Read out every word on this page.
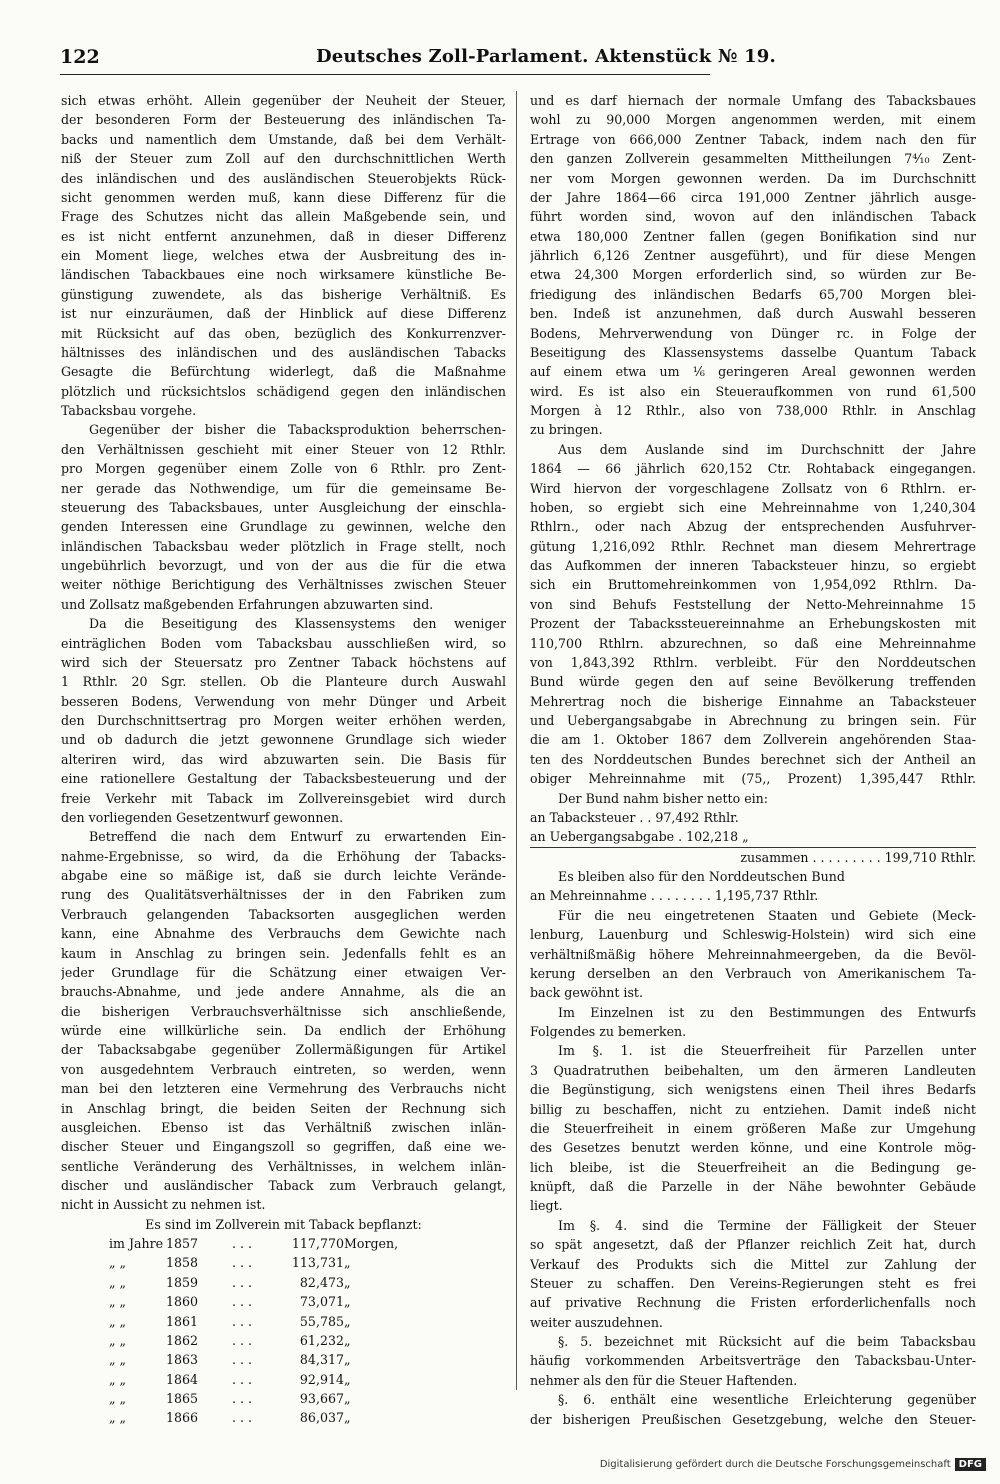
122	Deutsches Zoll-Parlament. Aktenstück № 19.
sich etwas erhöht. Allein gegenüber der Neuheit der Steuer,
der besonderen Form der Besteuerung des inländischen Ta-
backs und namentlich dem Umstande, daß bei dem Verhält-
niß der Steuer zum Zoll auf den durchschnittlichen Werth
des inländischen und des ausländischen Steuerobjekts Rück-
sicht genommen werden muß, kann diese Differenz für die
Frage des Schutzes nicht das allein Maßgebende sein, und
es ist nicht entfernt anzunehmen, daß in dieser Differenz
ein Moment liege, welches etwa der Ausbreitung des in-
ländischen Tabackbaues eine noch wirksamere künstliche Be-
günstigung zuwendete, als das bisherige Verhältniß. Es
ist nur einzuräumen, daß der Hinblick auf diese Differenz
mit Rücksicht auf das oben, bezüglich des Konkurrenzver-
hältnisses des inländischen und des ausländischen Tabacks
Gesagte die Befürchtung widerlegt, daß die Maßnahme
plötzlich und rücksichtslos schädigend gegen den inländischen
Tabacksbau vorgehe.
Gegenüber der bisher die Tabacksproduktion beherrschen-
den Verhältnissen geschieht mit einer Steuer von 12 Rthlr.
pro Morgen gegenüber einem Zolle von 6 Rthlr. pro Zent-
ner gerade das Nothwendige, um für die gemeinsame Be-
steuerung des Tabacksbaues, unter Ausgleichung der einschla-
genden Interessen eine Grundlage zu gewinnen, welche den
inländischen Tabacksbau weder plötzlich in Frage stellt, noch
ungebührlich bevorzugt, und von der aus die für die etwa
weiter nöthige Berichtigung des Verhältnisses zwischen Steuer
und Zollsatz maßgebenden Erfahrungen abzuwarten sind.
Da die Beseitigung des Klassensystems den weniger
einträglichen Boden vom Tabacksbau ausschließen wird, so
wird sich der Steuersatz pro Zentner Taback höchstens auf
1 Rthlr. 20 Sgr. stellen. Ob die Planteure durch Auswahl
besseren Bodens, Verwendung von mehr Dünger und Arbeit
den Durchschnittsertrag pro Morgen weiter erhöhen werden,
und ob dadurch die jetzt gewonnene Grundlage sich wieder
alteriren wird, das wird abzuwarten sein. Die Basis für
eine rationellere Gestaltung der Tabacksbesteuerung und der
freie Verkehr mit Taback im Zollvereinsgebiet wird durch
den vorliegenden Gesetzentwurf gewonnen.
Betreffend die nach dem Entwurf zu erwartenden Ein-
nahme-Ergebnisse, so wird, da die Erhöhung der Tabacks-
abgabe eine so mäßige ist, daß sie durch leichte Verände-
rung des Qualitätsverhältnisses der in den Fabriken zum
Verbrauch gelangenden Tabacksorten ausgeglichen werden
kann, eine Abnahme des Verbrauchs dem Gewichte nach
kaum in Anschlag zu bringen sein. Jedenfalls fehlt es an
jeder Grundlage für die Schätzung einer etwaigen Ver-
brauchs-Abnahme, und jede andere Annahme, als die an
die bisherigen Verbrauchsverhältnisse sich anschließende,
würde eine willkürliche sein. Da endlich der Erhöhung
der Tabacksabgabe gegenüber Zollermäßigungen für Artikel
von ausgedehntem Verbrauch eintreten, so werden, wenn
man bei den letzteren eine Vermehrung des Verbrauchs nicht
in Anschlag bringt, die beiden Seiten der Rechnung sich
ausgleichen. Ebenso ist das Verhältniß zwischen inlän-
discher Steuer und Eingangszoll so gegriffen, daß eine we-
sentliche Veränderung des Verhältnisses, in welchem inlän-
discher und ausländischer Taback zum Verbrauch gelangt,
nicht in Aussicht zu nehmen ist.
Es sind im Zollverein mit Taback bepflanzt:
im Jahre	1857	. . .	117,770	Morgen,
„ „	1858	. . .	113,731	„
„ „	1859	. . .	82,473	„
„ „	1860	. . .	73,071	„
„ „	1861	. . .	55,785	„
„ „	1862	. . .	61,232	„
„ „	1863	. . .	84,317	„
„ „	1864	. . .	92,914	„
„ „	1865	. . .	93,667	„
„ „	1866	. . .	86,037	„
und es darf hiernach der normale Umfang des Tabacksbaues
wohl zu 90,000 Morgen angenommen werden, mit einem
Ertrage von 666,000 Zentner Taback, indem nach den für
den ganzen Zollverein gesammelten Mittheilungen 7⁴⁄₁₀ Zent-
ner vom Morgen gewonnen werden. Da im Durchschnitt
der Jahre 1864—66 circa 191,000 Zentner jährlich ausge-
führt worden sind, wovon auf den inländischen Taback
etwa 180,000 Zentner fallen (gegen Bonifikation sind nur
jährlich 6,126 Zentner ausgeführt), und für diese Mengen
etwa 24,300 Morgen erforderlich sind, so würden zur Be-
friedigung des inländischen Bedarfs 65,700 Morgen blei-
ben. Indeß ist anzunehmen, daß durch Auswahl besseren
Bodens, Mehrverwendung von Dünger rc. in Folge der
Beseitigung des Klassensystems dasselbe Quantum Taback
auf einem etwa um ¹⁄₆ geringeren Areal gewonnen werden
wird. Es ist also ein Steueraufkommen von rund 61,500
Morgen à 12 Rthlr., also von 738,000 Rthlr. in Anschlag
zu bringen.
Aus dem Auslande sind im Durchschnitt der Jahre
1864 — 66 jährlich 620,152 Ctr. Rohtaback eingegangen.
Wird hiervon der vorgeschlagene Zollsatz von 6 Rthlrn. er-
hoben, so ergiebt sich eine Mehreinnahme von 1,240,304
Rthlrn., oder nach Abzug der entsprechenden Ausfuhrver-
gütung 1,216,092 Rthlr. Rechnet man diesem Mehrertrage
das Aufkommen der inneren Tabacksteuer hinzu, so ergiebt
sich ein Bruttomehreinkommen von 1,954,092 Rthlrn. Da-
von sind Behufs Feststellung der Netto-Mehreinnahme 15
Prozent der Tabackssteuereinnahme an Erhebungskosten mit
110,700 Rthlrn. abzurechnen, so daß eine Mehreinnahme
von 1,843,392 Rthlrn. verbleibt. Für den Norddeutschen
Bund würde gegen den auf seine Bevölkerung treffenden
Mehrertrag noch die bisherige Einnahme an Tabacksteuer
und Uebergangsabgabe in Abrechnung zu bringen sein. Für
die am 1. Oktober 1867 dem Zollverein angehörenden Staa-
ten des Norddeutschen Bundes berechnet sich der Antheil an
obiger Mehreinnahme mit (75,, Prozent) 1,395,447 Rthlr.
Der Bund nahm bisher netto ein:
an Tabacksteuer . . 97,492 Rthlr.
an Uebergangsabgabe . 102,218 „
zusammen . . . . . . . . . 199,710 Rthlr.
Es bleiben also für den Norddeutschen Bund
an Mehreinnahme . . . . . . . . 1,195,737 Rthlr.
Für die neu eingetretenen Staaten und Gebiete (Meck-
lenburg, Lauenburg und Schleswig-Holstein) wird sich eine
verhältnißmäßig höhere Mehreinnahmeergeben, da die Bevöl-
kerung derselben an den Verbrauch von Amerikanischem Ta-
back gewöhnt ist.
Im Einzelnen ist zu den Bestimmungen des Entwurfs
Folgendes zu bemerken.
Im §. 1. ist die Steuerfreiheit für Parzellen unter
3 Quadratruthen beibehalten, um den ärmeren Landleuten
die Begünstigung, sich wenigstens einen Theil ihres Bedarfs
billig zu beschaffen, nicht zu entziehen. Damit indeß nicht
die Steuerfreiheit in einem größeren Maße zur Umgehung
des Gesetzes benutzt werden könne, und eine Kontrole mög-
lich bleibe, ist die Steuerfreiheit an die Bedingung ge-
knüpft, daß die Parzelle in der Nähe bewohnter Gebäude
liegt.
Im §. 4. sind die Termine der Fälligkeit der Steuer
so spät angesetzt, daß der Pflanzer reichlich Zeit hat, durch
Verkauf des Produkts sich die Mittel zur Zahlung der
Steuer zu schaffen. Den Vereins-Regierungen steht es frei
auf privative Rechnung die Fristen erforderlichenfalls noch
weiter auszudehnen.
§. 5. bezeichnet mit Rücksicht auf die beim Tabacksbau
häufig vorkommenden Arbeitsverträge den Tabacksbau-Unter-
nehmer als den für die Steuer Haftenden.
§. 6. enthält eine wesentliche Erleichterung gegenüber
der bisherigen Preußischen Gesetzgebung, welche den Steuer-
Digitalisierung gefördert durch die Deutsche Forschungsgemeinschaft DFG
